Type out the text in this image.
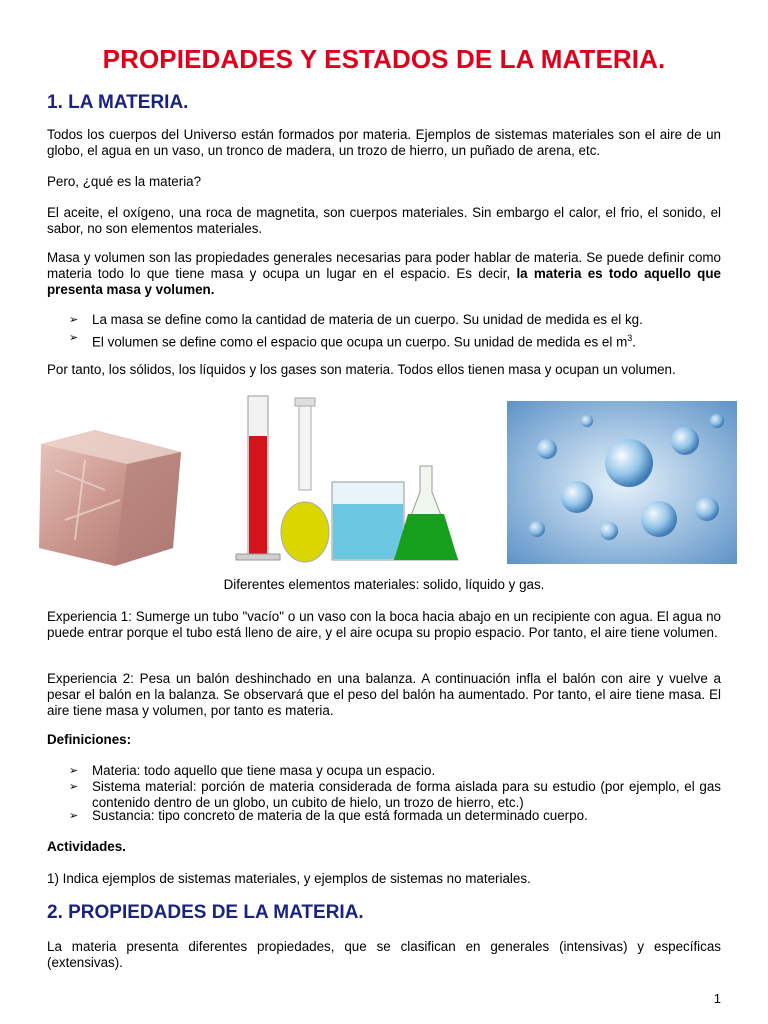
PROPIEDADES Y ESTADOS DE LA MATERIA.
1. LA MATERIA.
Todos los cuerpos del Universo están formados por materia. Ejemplos de sistemas materiales son el aire de un globo, el agua en un vaso, un tronco de madera, un trozo de hierro, un puñado de arena, etc.
Pero, ¿qué es la materia?
El aceite, el oxígeno, una roca de magnetita, son cuerpos materiales. Sin embargo el calor, el frio, el sonido, el sabor, no son elementos materiales.
Masa y volumen son las propiedades generales necesarias para poder hablar de materia. Se puede definir como materia todo lo que tiene masa y ocupa un lugar en el espacio. Es decir, la materia es todo aquello que presenta masa y volumen.
➢ La masa se define como la cantidad de materia de un cuerpo. Su unidad de medida es el kg.
➢ El volumen se define como el espacio que ocupa un cuerpo. Su unidad de medida es el $m^3$.
Por tanto, los sólidos, los líquidos y los gases son materia. Todos ellos tienen masa y ocupan un volumen.
Diferentes elementos materiales: solido, líquido y gas.
Experiencia 1: Sumerge un tubo "vacío" o un vaso con la boca hacia abajo en un recipiente con agua. El agua no puede entrar porque el tubo está lleno de aire, y el aire ocupa su propio espacio. Por tanto, el aire tiene volumen.
Experiencia 2: Pesa un balón deshinchado en una balanza. A continuación infla el balón con aire y vuelve a pesar el balón en la balanza. Se observará que el peso del balón ha aumentado. Por tanto, el aire tiene masa. El aire tiene masa y volumen, por tanto es materia.
Definiciones:
➢ Materia: todo aquello que tiene masa y ocupa un espacio.
➢ Sistema material: porción de materia considerada de forma aislada para su estudio (por ejemplo, el gas contenido dentro de un globo, un cubito de hielo, un trozo de hierro, etc.)
➢ Sustancia: tipo concreto de materia de la que está formada un determinado cuerpo.
Actividades.
1) Indica ejemplos de sistemas materiales, y ejemplos de sistemas no materiales.
2. PROPIEDADES DE LA MATERIA.
La materia presenta diferentes propiedades, que se clasifican en generales (intensivas) y específicas (extensivas).
1
